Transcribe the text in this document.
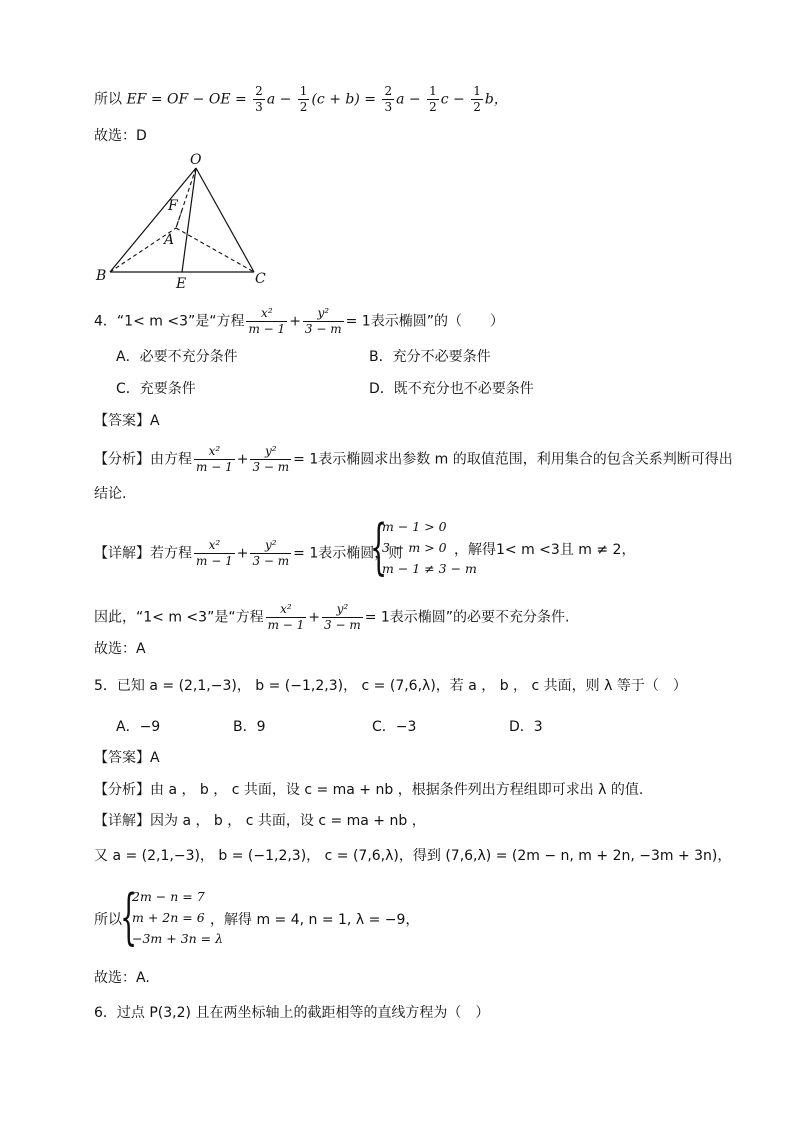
所以 EF = OF − OE = $\frac{2}{3}$ $a - \frac{1}{2} (c + b) = \frac{2}{3}$ $a - \frac{1}{2}$ $c - \frac{1}{2}$ b，
故选：D
O
F
A
B	E	C
4．“1< m <3”是“方程 $\frac{\text{x²}}{m - 1} + \frac{\text{y²}}{3 - m} = 1$表示椭圆”的（　　）
A．必要不充分条件	B．充分不必要条件
C．充要条件	D．既不充分也不必要条件
【答案】A
【分析】由方程 $\frac{\text{x²}}{m - 1} + \frac{\text{y²}}{3 - m} = 1$表示椭圆求出参数 m 的取值范围，利用集合的包含关系判断可得出
结论.
【详解】若方程 $\frac{\text{x²}}{m - 1} + \frac{\text{y²}}{3 - m} = 1$表示椭圆，则
{
m − 1 > 0
3 − m > 0
m − 1 ≠ 3 − m
，解得1< m <3且 m ≠ 2，
因此，“1< m <3”是“方程 $\frac{\text{x²}}{m - 1} + \frac{\text{y²}}{3 - m} = 1$表示椭圆”的必要不充分条件.
故选：A
5．已知 a = (2,1,−3)， b = (−1,2,3)， c = (7,6,λ)，若 a ， b ， c 共面，则 λ 等于（　）
A．−9	B．9	C．−3	D．3
【答案】A
【分析】由 a ， b ， c 共面，设 c = ma + nb ，根据条件列出方程组即可求出 λ 的值.
【详解】因为 a ， b ， c 共面，设 c = ma + nb ，
又 a = (2,1,−3)， b = (−1,2,3)， c = (7,6,λ)，得到 (7,6,λ) = (2m − n, m + 2n, −3m + 3n)，
所以
{
2m − n = 7
m + 2n = 6
−3m + 3n = λ
，解得 m = 4, n = 1, λ = −9，
故选：A.
6．过点 P(3,2) 且在两坐标轴上的截距相等的直线方程为（　）
